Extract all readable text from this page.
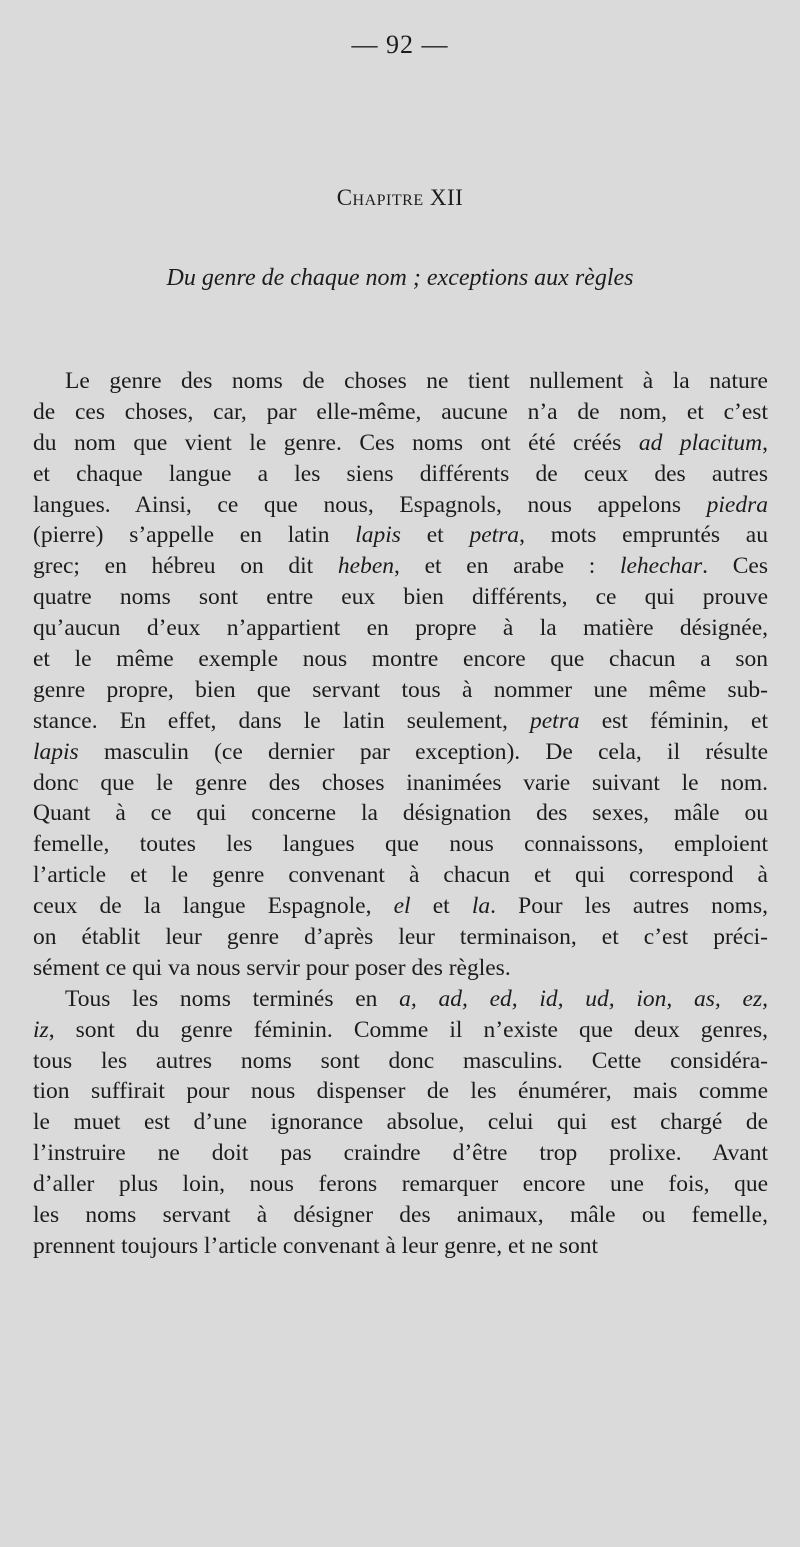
— 92 —
Chapitre XII
Du genre de chaque nom ; exceptions aux règles
Le genre des noms de choses ne tient nullement à la nature
de ces choses, car, par elle-même, aucune n’a de nom, et c’est
du nom que vient le genre. Ces noms ont été créés ad placitum,
et chaque langue a les siens différents de ceux des autres
langues. Ainsi, ce que nous, Espagnols, nous appelons piedra
(pierre) s’appelle en latin lapis et petra, mots empruntés au
grec; en hébreu on dit heben, et en arabe : lehechar. Ces
quatre noms sont entre eux bien différents, ce qui prouve
qu’aucun d’eux n’appartient en propre à la matière désignée,
et le même exemple nous montre encore que chacun a son
genre propre, bien que servant tous à nommer une même sub-
stance. En effet, dans le latin seulement, petra est féminin, et
lapis masculin (ce dernier par exception). De cela, il résulte
donc que le genre des choses inanimées varie suivant le nom.
Quant à ce qui concerne la désignation des sexes, mâle ou
femelle, toutes les langues que nous connaissons, emploient
l’article et le genre convenant à chacun et qui correspond à
ceux de la langue Espagnole, el et la. Pour les autres noms,
on établit leur genre d’après leur terminaison, et c’est préci-
sément ce qui va nous servir pour poser des règles.
Tous les noms terminés en a, ad, ed, id, ud, ion, as, ez,
iz, sont du genre féminin. Comme il n’existe que deux genres,
tous les autres noms sont donc masculins. Cette considéra-
tion suffirait pour nous dispenser de les énumérer, mais comme
le muet est d’une ignorance absolue, celui qui est chargé de
l’instruire ne doit pas craindre d’être trop prolixe. Avant
d’aller plus loin, nous ferons remarquer encore une fois, que
les noms servant à désigner des animaux, mâle ou femelle,
prennent toujours l’article convenant à leur genre, et ne sont
